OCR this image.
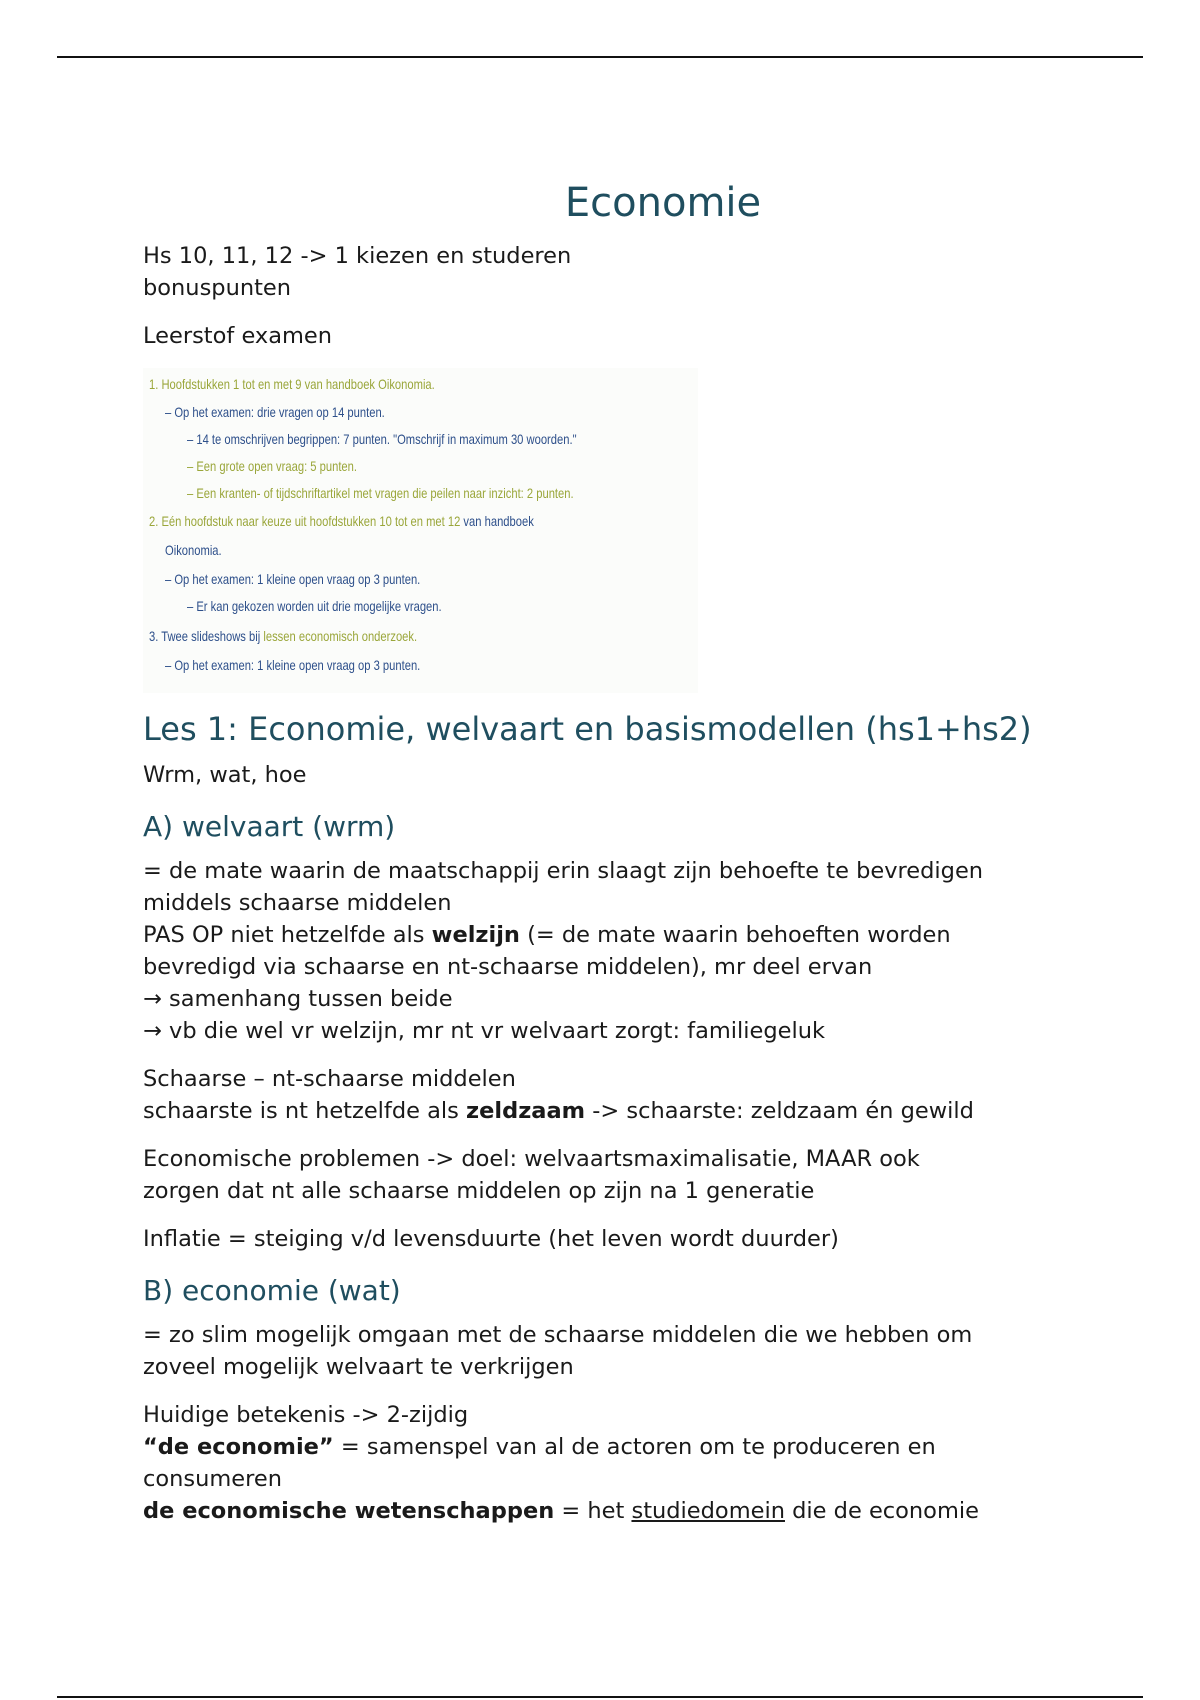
Economie

Hs 10, 11, 12 -> 1 kiezen en studeren

bonuspunten

Leerstof examen

1. Hoofdstukken 1 tot en met 9 van handboek Oikonomia.
– Op het examen: drie vragen op 14 punten.
– 14 te omschrijven begrippen: 7 punten. "Omschrijf in maximum 30 woorden."
– Een grote open vraag: 5 punten.
– Een kranten- of tijdschriftartikel met vragen die peilen naar inzicht: 2 punten.
2. Eén hoofdstuk naar keuze uit hoofdstukken 10 tot en met 12 van handboek
Oikonomia.
– Op het examen: 1 kleine open vraag op 3 punten.
– Er kan gekozen worden uit drie mogelijke vragen.
3. Twee slideshows bij lessen economisch onderzoek.
– Op het examen: 1 kleine open vraag op 3 punten.
Les 1: Economie, welvaart en basismodellen (hs1+hs2)

Wrm, wat, hoe

A) welvaart (wrm)

= de mate waarin de maatschappij erin slaagt zijn behoefte te bevredigen

middels schaarse middelen

PAS OP niet hetzelfde als welzijn (= de mate waarin behoeften worden

bevredigd via schaarse en nt-schaarse middelen), mr deel ervan

→ samenhang tussen beide

→ vb die wel vr welzijn, mr nt vr welvaart zorgt: familiegeluk

Schaarse – nt-schaarse middelen

schaarste is nt hetzelfde als zeldzaam -> schaarste: zeldzaam én gewild

Economische problemen -> doel: welvaartsmaximalisatie, MAAR ook

zorgen dat nt alle schaarse middelen op zijn na 1 generatie

Inflatie = steiging v/d levensduurte (het leven wordt duurder)

B) economie (wat)

= zo slim mogelijk omgaan met de schaarse middelen die we hebben om

zoveel mogelijk welvaart te verkrijgen

Huidige betekenis -> 2-zijdig

“de economie” = samenspel van al de actoren om te produceren en

consumeren

de economische wetenschappen = het studiedomein die de economie
